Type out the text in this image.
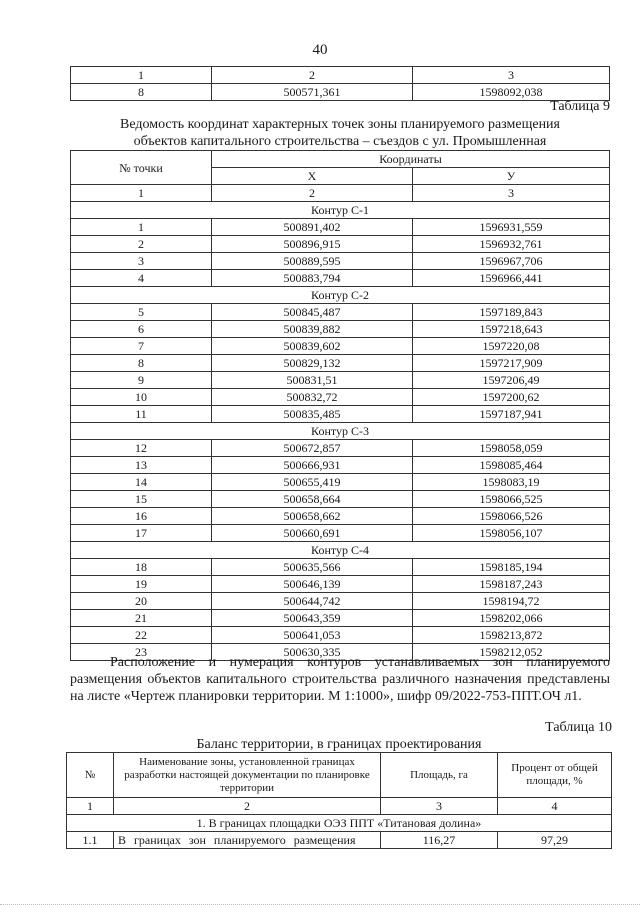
40
1	2	3
8	500571,361	1598092,038
Таблица 9
Ведомость координат характерных точек зоны планируемого размещения
объектов капитального строительства – съездов с ул. Промышленная
№ точки	Координаты	
	Х	У
1	2	3
Контур С-1		
1	500891,402	1596931,559
2	500896,915	1596932,761
3	500889,595	1596967,706
4	500883,794	1596966,441
Контур С-2		
5	500845,487	1597189,843
6	500839,882	1597218,643
7	500839,602	1597220,08
8	500829,132	1597217,909
9	500831,51	1597206,49
10	500832,72	1597200,62
11	500835,485	1597187,941
Контур С-3		
12	500672,857	1598058,059
13	500666,931	1598085,464
14	500655,419	1598083,19
15	500658,664	1598066,525
16	500658,662	1598066,526
17	500660,691	1598056,107
Контур С-4		
18	500635,566	1598185,194
19	500646,139	1598187,243
20	500644,742	1598194,72
21	500643,359	1598202,066
22	500641,053	1598213,872
23	500630,335	1598212,052
Расположение и нумерация контуров устанавливаемых зон планируемого размещения объектов капитального строительства различного назначения представлены на листе «Чертеж планировки территории. М 1:1000», шифр 09/2022-753-ППТ.ОЧ л1.
Таблица 10
Баланс территории, в границах проектирования
№	Наименование зоны, установленной границах разработки настоящей документации по планировке территории	Площадь, га	Процент от общей площади, %
1	2	3	4
1. В границах площадки ОЭЗ ППТ «Титановая долина»			
1.1	В границах зон планируемого размещения	116,27	97,29
